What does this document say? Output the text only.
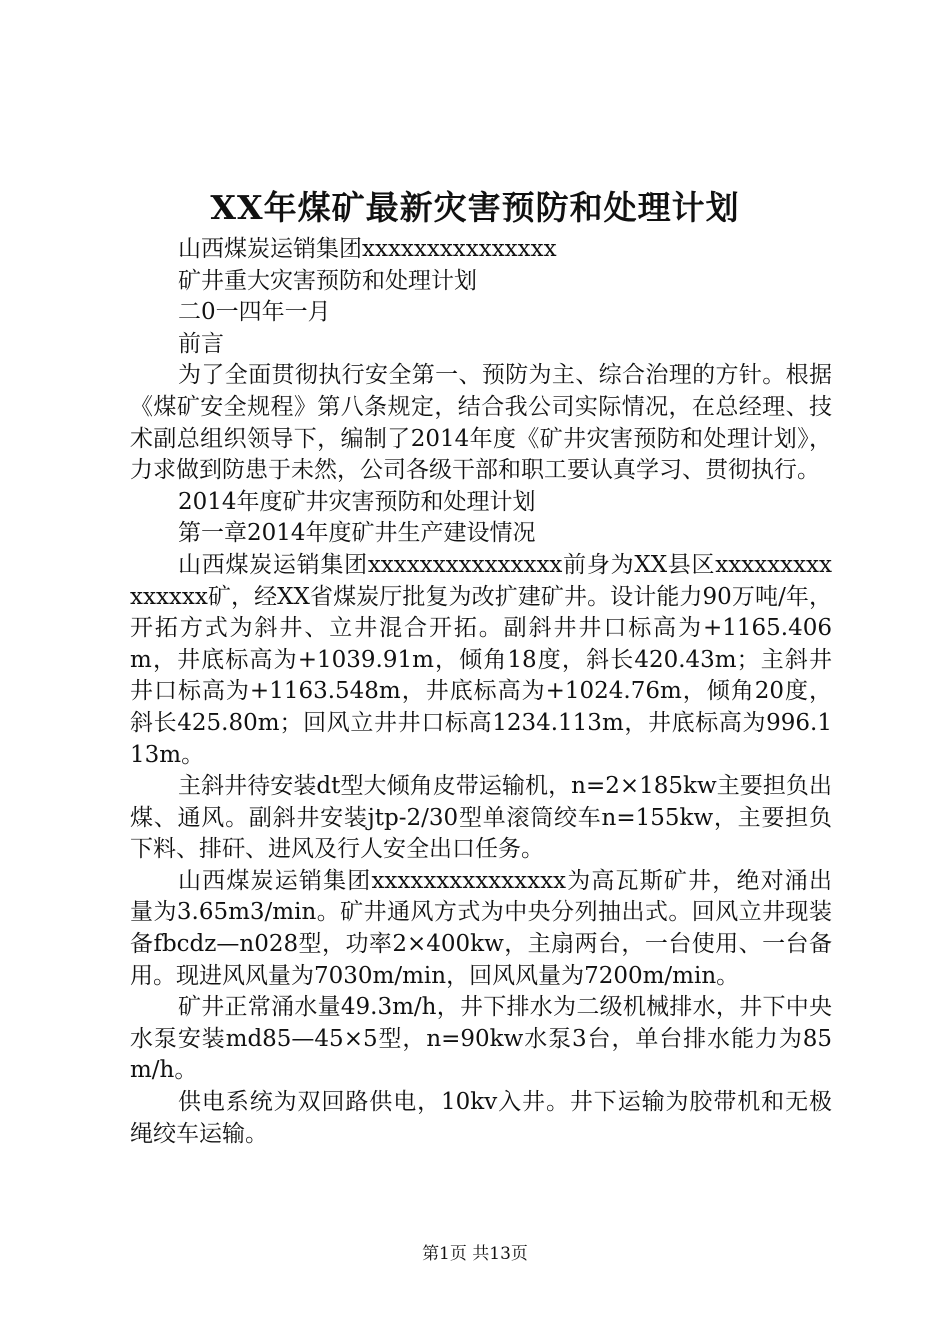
XX年煤矿最新灾害预防和处理计划

山西煤炭运销集团xxxxxxxxxxxxxxx

矿井重大灾害预防和处理计划

二0一四年一月

前言

为了全面贯彻执行安全第一、预防为主、综合治理的方针。根据《煤矿安全规程》第八条规定，结合我公司实际情况，在总经理、技术副总组织领导下，编制了2014年度《矿井灾害预防和处理计划》，力求做到防患于未然，公司各级干部和职工要认真学习、贯彻执行。

2014年度矿井灾害预防和处理计划

第一章2014年度矿井生产建设情况

山西煤炭运销集团xxxxxxxxxxxxxxx前身为XX县区xxxxxxxxxxxxxxx矿，经XX省煤炭厅批复为改扩建矿井。设计能力90万吨/年，开拓方式为斜井、立井混合开拓。副斜井井口标高为+1165.406m，井底标高为+1039.91m，倾角18度，斜长420.43m；主斜井井口标高为+1163.548m，井底标高为+1024.76m，倾角20度，斜长425.80m；回风立井井口标高1234.113m，井底标高为996.113m。

主斜井待安装dt型大倾角皮带运输机，n=2×185kw主要担负出煤、通风。副斜井安装jtp-2/30型单滚筒绞车n=155kw，主要担负下料、排矸、进风及行人安全出口任务。

山西煤炭运销集团xxxxxxxxxxxxxxx为高瓦斯矿井，绝对涌出量为3.65m3/min。矿井通风方式为中央分列抽出式。回风立井现装备fbcdz—n028型，功率2×400kw，主扇两台，一台使用、一台备用。现进风风量为7030m/min，回风风量为7200m/min。

矿井正常涌水量49.3m/h，井下排水为二级机械排水，井下中央水泵安装md85—45×5型，n=90kw水泵3台，单台排水能力为85m/h。

供电系统为双回路供电，10kv入井。井下运输为胶带机和无极绳绞车运输。

第1页 共13页
